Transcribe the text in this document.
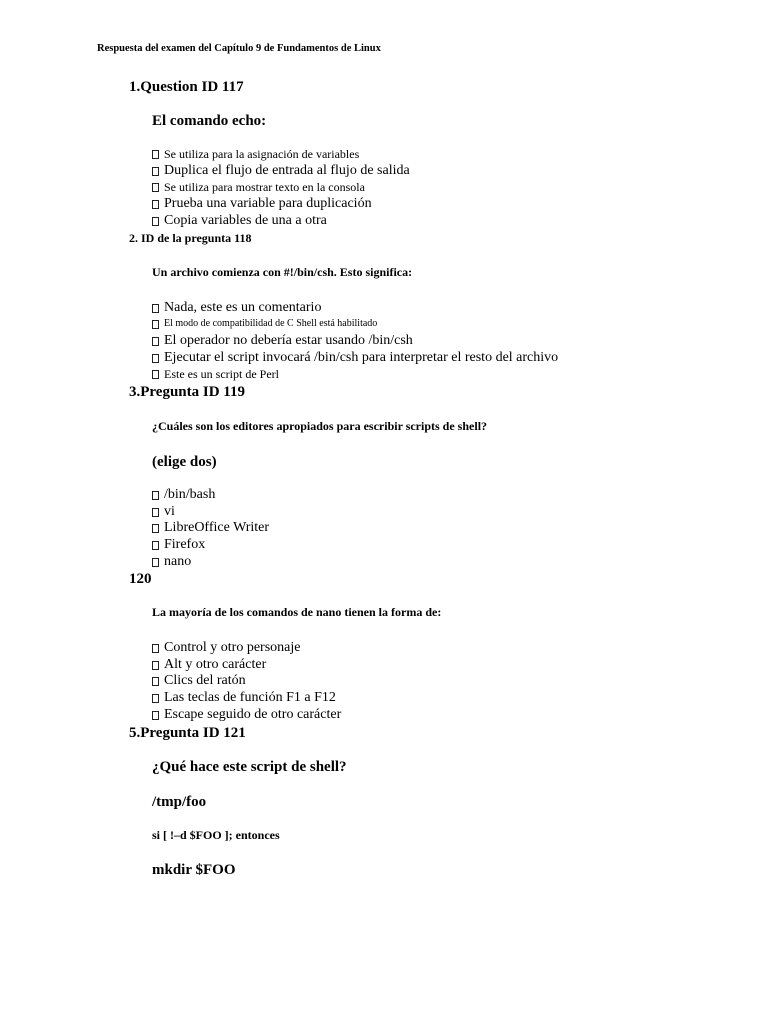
Respuesta del examen del Capítulo 9 de Fundamentos de Linux
1.Question ID 117
El comando echo:
Se utiliza para la asignación de variables
Duplica el flujo de entrada al flujo de salida
Se utiliza para mostrar texto en la consola
Prueba una variable para duplicación
Copia variables de una a otra
2. ID de la pregunta 118
Un archivo comienza con #!/bin/csh. Esto significa:
Nada, este es un comentario
El modo de compatibilidad de C Shell está habilitado
El operador no debería estar usando /bin/csh
Ejecutar el script invocará /bin/csh para interpretar el resto del archivo
Este es un script de Perl
3.Pregunta ID 119
¿Cuáles son los editores apropiados para escribir scripts de shell?
(elige dos)
/bin/bash
vi
LibreOffice Writer
Firefox
nano
120
La mayoría de los comandos de nano tienen la forma de:
Control y otro personaje
Alt y otro carácter
Clics del ratón
Las teclas de función F1 a F12
Escape seguido de otro carácter
5.Pregunta ID 121
¿Qué hace este script de shell?
/tmp/foo
si [ !–d $FOO ]; entonces
mkdir $FOO
